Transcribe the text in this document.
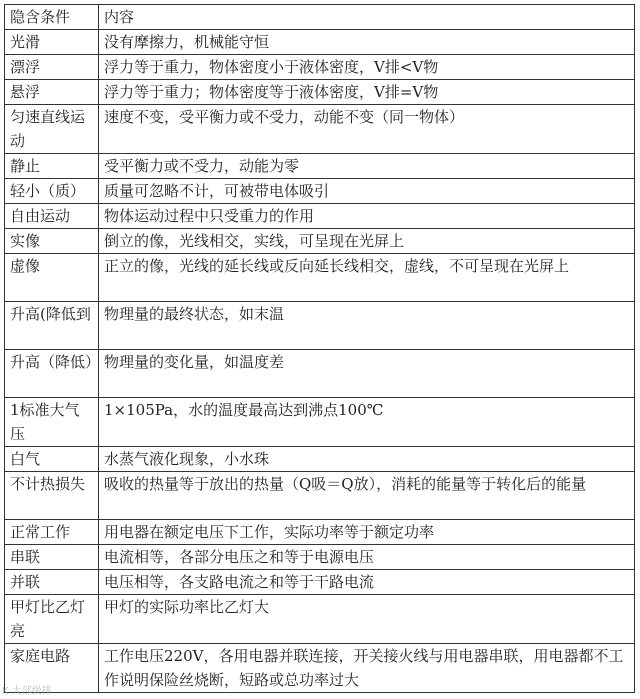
隐含条件	内容
光滑	没有摩擦力，机械能守恒
漂浮	浮力等于重力，物体密度小于液体密度，V排<V物
悬浮	浮力等于重力；物体密度等于液体密度，V排=V物
匀速直线运动	速度不变，受平衡力或不受力，动能不变（同一物体）
静止	受平衡力或不受力，动能为零
轻小（质）	质量可忽略不计，可被带电体吸引
自由运动	物体运动过程中只受重力的作用
实像	倒立的像，光线相交，实线，可呈现在光屏上
虚像	正立的像，光线的延长线或反向延长线相交，虚线，不可呈现在光屏上
升高(降低到	物理量的最终状态，如末温
升高（降低）	物理量的变化量，如温度差
1标准大气压	1×105Pa，水的温度最高达到沸点100℃
白气	水蒸气液化现象，小水珠
不计热损失	吸收的热量等于放出的热量（Q吸＝Q放），消耗的能量等于转化后的能量
正常工作	用电器在额定电压下工作，实际功率等于额定功率
串联	电流相等，各部分电压之和等于电源电压
并联	电压相等，各支路电流之和等于干路电流
甲灯比乙灯亮	甲灯的实际功率比乙灯大
家庭电路	工作电压220V，各用电器并联连接，开关接火线与用电器串联，用电器都不工作说明保险丝烧断，短路或总功率过大
K 大部级排
